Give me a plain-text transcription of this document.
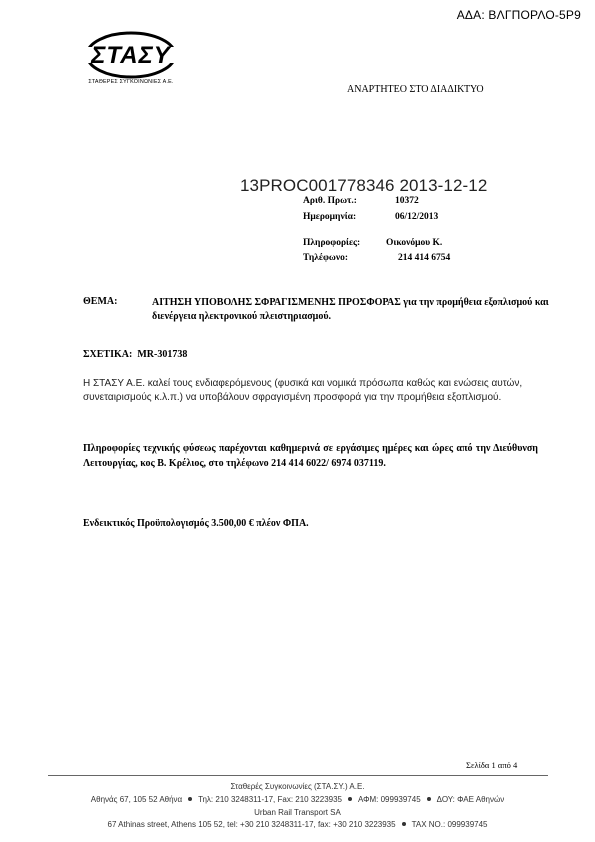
ΑΔΑ: ΒΛΓΠΟΡΛΟ-5Ρ9
ΣΤΑΣΥ
ΣΤΑΘΕΡΕΣ ΣΥΓΚΟΙΝΩΝΙΕΣ Α.Ε.
ΑΝΑΡΤΗΤΕΟ ΣΤΟ ΔΙΑΔΙΚΤΥΟ
13PROC001778346 2013-12-12
Αριθ. Πρωτ.:	10372
Ημερομηνία:	06/12/2013
Πληροφορίες:	Οικονόμου Κ.
Τηλέφωνο:	214 414 6754
ΘΕΜΑ:	ΑΙΤΗΣΗ ΥΠΟΒΟΛΗΣ ΣΦΡΑΓΙΣΜΕΝΗΣ ΠΡΟΣΦΟΡΑΣ για την προμήθεια εξοπλισμού και διενέργεια ηλεκτρονικού πλειστηριασμού.
ΣΧΕΤΙΚΑ: MR-301738
Η ΣΤΑΣΥ Α.Ε. καλεί τους ενδιαφερόμενους (φυσικά και νομικά πρόσωπα καθώς και ενώσεις αυτών, συνεταιρισμούς κ.λ.π.) να υποβάλουν σφραγισμένη προσφορά για την προμήθεια εξοπλισμού.
Πληροφορίες τεχνικής φύσεως παρέχονται καθημερινά σε εργάσιμες ημέρες και ώρες από την Διεύθυνση Λειτουργίας, κος Β. Κρέλιος, στο τηλέφωνο 214 414 6022/ 6974 037119.
Ενδεικτικός Προϋπολογισμός 3.500,00 € πλέον ΦΠΑ.
Σελίδα 1 από 4
Σταθερές Συγκοινωνίες (ΣΤΑ.ΣΥ.) Α.Ε.
Αθηνάς 67, 105 52 Αθήνα Τηλ: 210 3248311-17, Fax: 210 3223935 ΑΦΜ: 099939745 ΔΟΥ: ΦΑΕ Αθηνών
Urban Rail Transport SA
67 Athinas street, Athens 105 52, tel: +30 210 3248311-17, fax: +30 210 3223935 TAX NO.: 099939745
